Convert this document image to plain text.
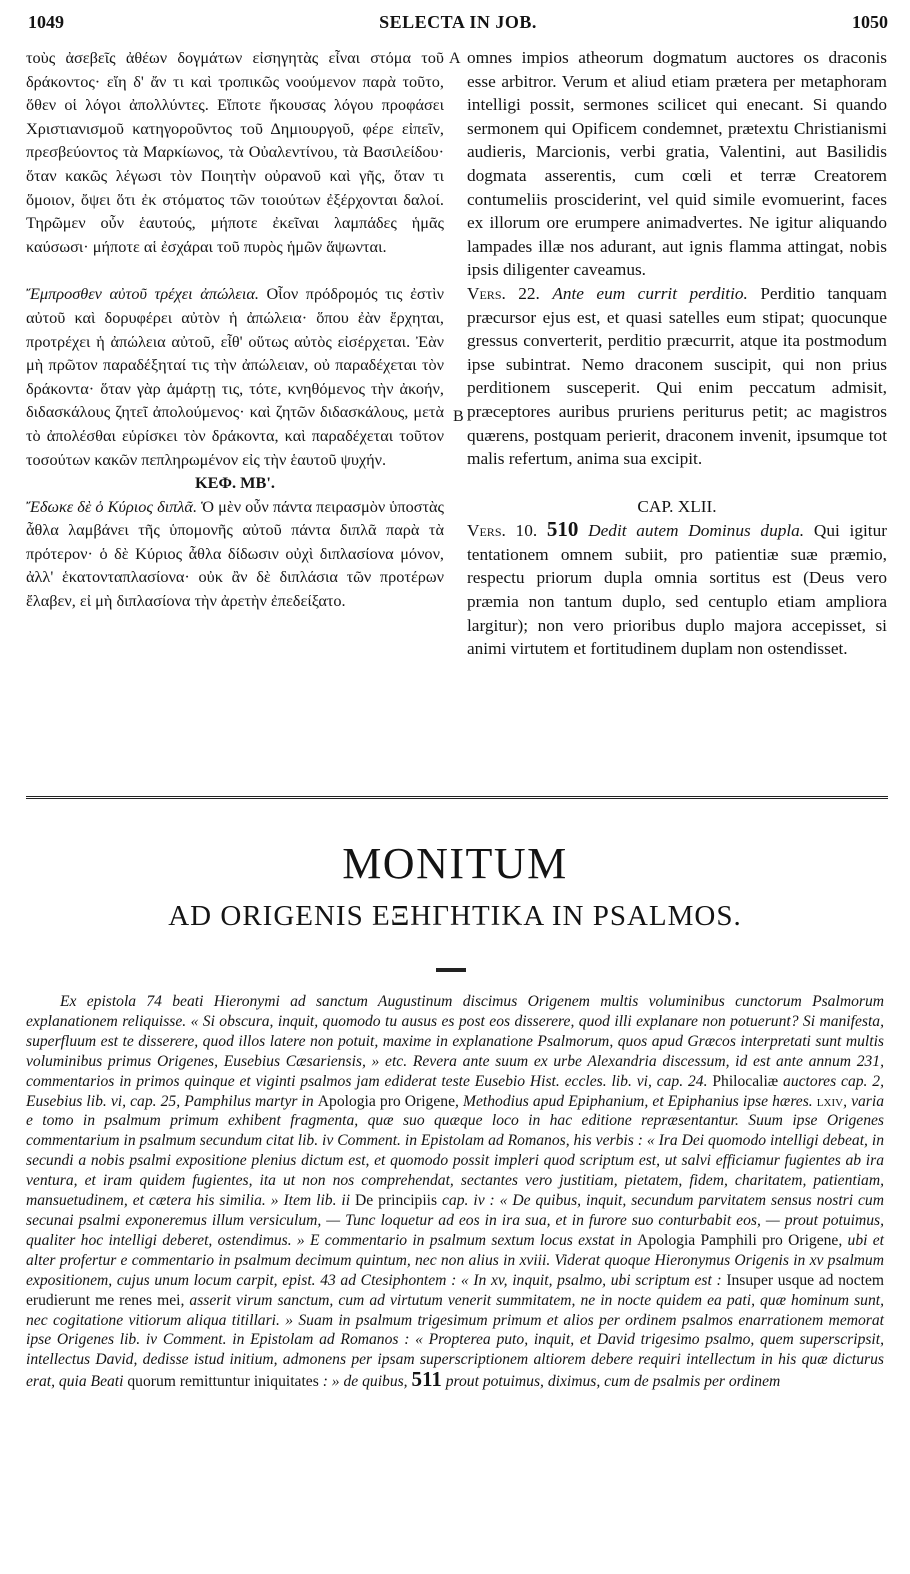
1049	SELECTA IN JOB.	1050
A
B

τοὺς ἀσεβεῖς ἀθέων δογμάτων εἰσηγητὰς εἶναι στόμα τοῦ δράκοντος· εἴη δ' ἄν τι καὶ τροπικῶς νοούμενον παρὰ τοῦτο, ὅθεν οἱ λόγοι ἀπολλύντες. Εἴποτε ἤκουσας λόγου προφάσει Χριστιανισμοῦ κατηγοροῦντος τοῦ Δημιουργοῦ, φέρε εἰπεῖν, πρεσβεύοντος τὰ Μαρκίωνος, τὰ Οὐαλεντίνου, τὰ Βασιλείδου· ὅταν κακῶς λέγωσι τὸν Ποιητὴν οὐρανοῦ καὶ γῆς, ὅταν τι ὅμοιον, ὄψει ὅτι ἐκ στόματος τῶν τοιούτων ἐξέρχονται δαλοί. Τηρῶμεν οὖν ἑαυτούς, μήποτε ἐκεῖναι λαμπάδες ἡμᾶς καύσωσι· μήποτε αἱ ἐσχάραι τοῦ πυρὸς ἡμῶν ἅψωνται.

Ἔμπροσθεν αὐτοῦ τρέχει ἀπώλεια. Οἷον πρόδρομός τις ἐστὶν αὐτοῦ καὶ δορυφέρει αὐτὸν ἡ ἀπώλεια· ὅπου ἐὰν ἔρχηται, προτρέχει ἡ ἀπώλεια αὐτοῦ, εἶθ' οὕτως αὐτὸς εἰσέρχεται. Ἐὰν μὴ πρῶτον παραδέξηταί τις τὴν ἀπώλειαν, οὐ παραδέχεται τὸν δράκοντα· ὅταν γὰρ ἁμάρτῃ τις, τότε, κνηθόμενος τὴν ἀκοήν, διδασκάλους ζητεῖ ἀπολούμενος· καὶ ζητῶν διδασκάλους, μετὰ τὸ ἀπολέσθαι εὑρίσκει τὸν δράκοντα, καὶ παραδέχεται τοῦτον τοσούτων κακῶν πεπληρωμένον εἰς τὴν ἑαυτοῦ ψυχήν.

ΚΕΦ. ΜΒ'.

Ἔδωκε δὲ ὁ Κύριος διπλᾶ. Ὁ μὲν οὖν πάντα πειρασμὸν ὑποστὰς ἆθλα λαμβάνει τῆς ὑπομονῆς αὐτοῦ πάντα διπλᾶ παρὰ τὰ πρότερον· ὁ δὲ Κύριος ἆθλα δίδωσιν οὐχὶ διπλασίονα μόνον, ἀλλ' ἑκατονταπλασίονα· οὐκ ἂν δὲ διπλάσια τῶν προτέρων ἔλαβεν, εἰ μὴ διπλασίονα τὴν ἀρετὴν ἐπεδείξατο.

omnes impios atheorum dogmatum auctores os draconis esse arbitror. Verum et aliud etiam prætera per metaphoram intelligi possit, sermones scilicet qui enecant. Si quando sermonem qui Opificem condemnet, prætextu Christianismi audieris, Marcionis, verbi gratia, Valentini, aut Basilidis dogmata asserentis, cum cœli et terræ Creatorem contumeliis prosciderint, vel quid simile evomuerint, faces ex illorum ore erumpere animadvertes. Ne igitur aliquando lampades illæ nos adurant, aut ignis flamma attingat, nobis ipsis diligenter caveamus.

Vers. 22. Ante eum currit perditio. Perditio tanquam præcursor ejus est, et quasi satelles eum stipat; quocunque gressus converterit, perditio præcurrit, atque ita postmodum ipse subintrat. Nemo draconem suscipit, qui non prius perditionem susceperit. Qui enim peccatum admisit, præceptores auribus pruriens periturus petit; ac magistros quærens, postquam perierit, draconem invenit, ipsumque tot malis refertum, anima sua excipit.

CAP. XLII.

Vers. 10. 510 Dedit autem Dominus dupla. Qui igitur tentationem omnem subiit, pro patientiæ suæ præmio, respectu priorum dupla omnia sortitus est (Deus vero præmia non tantum duplo, sed centuplo etiam ampliora largitur); non vero prioribus duplo majora accepisset, si animi virtutem et fortitudinem duplam non ostendisset.

MONITUM
AD ORIGENIS ΕΞΗΓΗΤΙΚΑ IN PSALMOS.

Ex epistola 74 beati Hieronymi ad sanctum Augustinum discimus Origenem multis voluminibus cunctorum Psalmorum explanationem reliquisse. « Si obscura, inquit, quomodo tu ausus es post eos disserere, quod illi explanare non potuerunt? Si manifesta, superfluum est te disserere, quod illos latere non potuit, maxime in explanatione Psalmorum, quos apud Græcos interpretati sunt multis voluminibus primus Origenes, Eusebius Cæsariensis, » etc. Revera ante suum ex urbe Alexandria discessum, id est ante annum 231, commentarios in primos quinque et viginti psalmos jam ediderat teste Eusebio Hist. eccles. lib. vi, cap. 24. Philocaliæ auctores cap. 2, Eusebius lib. vi, cap. 25, Pamphilus martyr in Apologia pro Origene, Methodius apud Epiphanium, et Epiphanius ipse hæres. lxiv, varia e tomo in psalmum primum exhibent fragmenta, quæ suo quæque loco in hac editione repræsentantur. Suum ipse Origenes commentarium in psalmum secundum citat lib. iv Comment. in Epistolam ad Romanos, his verbis : « Ira Dei quomodo intelligi debeat, in secundi a nobis psalmi expositione plenius dictum est, et quomodo possit impleri quod scriptum est, ut salvi efficiamur fugientes ab ira ventura, et iram quidem fugientes, ita ut non nos comprehendat, sectantes vero justitiam, pietatem, fidem, charitatem, patientiam, mansuetudinem, et cætera his similia. » Item lib. ii De principiis cap. iv : « De quibus, inquit, secundum parvitatem sensus nostri cum secunai psalmi exponeremus illum versiculum, — Tunc loquetur ad eos in ira sua, et in furore suo conturbabit eos, — prout potuimus, qualiter hoc intelligi deberet, ostendimus. » E commentario in psalmum sextum locus exstat in Apologia Pamphili pro Origene, ubi et alter profertur e commentario in psalmum decimum quintum, nec non alius in xviii. Viderat quoque Hieronymus Origenis in xv psalmum expositionem, cujus unum locum carpit, epist. 43 ad Ctesiphontem : « In xv, inquit, psalmo, ubi scriptum est : Insuper usque ad noctem erudierunt me renes mei, asserit virum sanctum, cum ad virtutum venerit summitatem, ne in nocte quidem ea pati, quæ hominum sunt, nec cogitatione vitiorum aliqua titillari. » Suam in psalmum trigesimum primum et alios per ordinem psalmos enarrationem memorat ipse Origenes lib. iv Comment. in Epistolam ad Romanos : « Propterea puto, inquit, et David trigesimo psalmo, quem superscripsit, intellectus David, dedisse istud initium, admonens per ipsam superscriptionem altiorem debere requiri intellectum in his quæ dicturus erat, quia Beati quorum remittuntur iniquitates : » de quibus, 511 prout potuimus, diximus, cum de psalmis per ordinem
